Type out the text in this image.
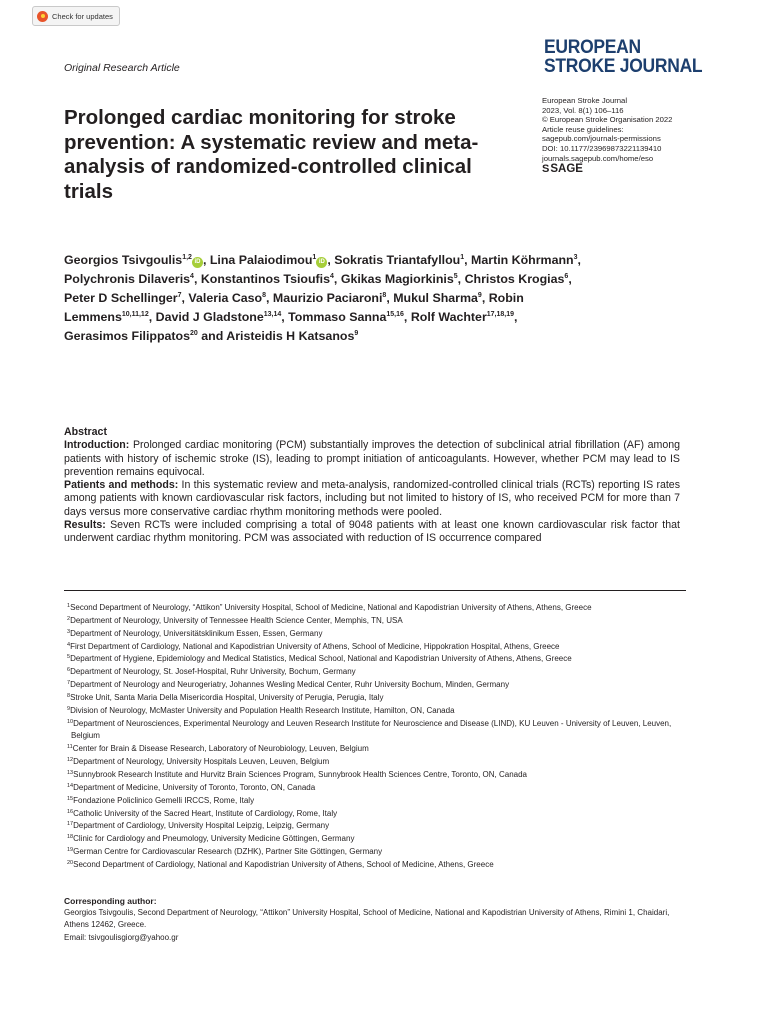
Check for updates
Original Research Article
EUROPEAN
STROKE JOURNAL
European Stroke Journal
2023, Vol. 8(1) 106–116
© European Stroke Organisation 2022
Article reuse guidelines:
sagepub.com/journals-permissions
DOI: 10.1177/23969873221139410
journals.sagepub.com/home/eso
S SAGE
Prolonged cardiac monitoring for stroke prevention: A systematic review and meta-analysis of randomized-controlled clinical trials
Georgios Tsivgoulis$^{1,2}$iD , Lina Palaiodimou$^1$iD , Sokratis Triantafyllou$^1$, Martin Köhrmann$^3$, Polychronis Dilaveris$^4$, Konstantinos Tsioufis$^4$, Gkikas Magiorkinis$^5$, Christos Krogias$^6$, Peter D Schellinger$^7$, Valeria Caso$^8$, Maurizio Paciaroni$^8$, Mukul Sharma$^9$, Robin Lemmens$^{10,11,12}$, David J Gladstone$^{13,14}$, Tommaso Sanna$^{15,16}$, Rolf Wachter$^{17,18,19}$, Gerasimos Filippatos$^{20}$ and Aristeidis H Katsanos$^9$
Abstract

Introduction: Prolonged cardiac monitoring (PCM) substantially improves the detection of subclinical atrial fibrillation (AF) among patients with history of ischemic stroke (IS), leading to prompt initiation of anticoagulants. However, whether PCM may lead to IS prevention remains equivocal.

Patients and methods: In this systematic review and meta-analysis, randomized-controlled clinical trials (RCTs) reporting IS rates among patients with known cardiovascular risk factors, including but not limited to history of IS, who received PCM for more than 7 days versus more conservative cardiac rhythm monitoring methods were pooled.

Results: Seven RCTs were included comprising a total of 9048 patients with at least one known cardiovascular risk factor that underwent cardiac rhythm monitoring. PCM was associated with reduction of IS occurrence compared

$^1$Second Department of Neurology, “Attikon” University Hospital, School of Medicine, National and Kapodistrian University of Athens, Athens, Greece
$^2$Department of Neurology, University of Tennessee Health Science Center, Memphis, TN, USA
$^3$Department of Neurology, Universitätsklinikum Essen, Essen, Germany
$^4$First Department of Cardiology, National and Kapodistrian University of Athens, School of Medicine, Hippokration Hospital, Athens, Greece
$^5$Department of Hygiene, Epidemiology and Medical Statistics, Medical School, National and Kapodistrian University of Athens, Athens, Greece
$^6$Department of Neurology, St. Josef-Hospital, Ruhr University, Bochum, Germany
$^7$Department of Neurology and Neurogeriatry, Johannes Wesling Medical Center, Ruhr University Bochum, Minden, Germany
$^8$Stroke Unit, Santa Maria Della Misericordia Hospital, University of Perugia, Perugia, Italy
$^9$Division of Neurology, McMaster University and Population Health Research Institute, Hamilton, ON, Canada
$^{10}$Department of Neurosciences, Experimental Neurology and Leuven Research Institute for Neuroscience and Disease (LIND), KU Leuven - University of Leuven, Leuven, Belgium
$^{11}$Center for Brain & Disease Research, Laboratory of Neurobiology, Leuven, Belgium
$^{12}$Department of Neurology, University Hospitals Leuven, Leuven, Belgium
$^{13}$Sunnybrook Research Institute and Hurvitz Brain Sciences Program, Sunnybrook Health Sciences Centre, Toronto, ON, Canada
$^{14}$Department of Medicine, University of Toronto, Toronto, ON, Canada
$^{15}$Fondazione Policlinico Gemelli IRCCS, Rome, Italy
$^{16}$Catholic University of the Sacred Heart, Institute of Cardiology, Rome, Italy
$^{17}$Department of Cardiology, University Hospital Leipzig, Leipzig, Germany
$^{18}$Clinic for Cardiology and Pneumology, University Medicine Göttingen, Germany
$^{19}$German Centre for Cardiovascular Research (DZHK), Partner Site Göttingen, Germany
$^{20}$Second Department of Cardiology, National and Kapodistrian University of Athens, School of Medicine, Athens, Greece
Corresponding author:
Georgios Tsivgoulis, Second Department of Neurology, “Attikon” University Hospital, School of Medicine, National and Kapodistrian University of Athens, Rimini 1, Chaidari, Athens 12462, Greece.
Email: tsivgoulisgiorg@yahoo.gr
